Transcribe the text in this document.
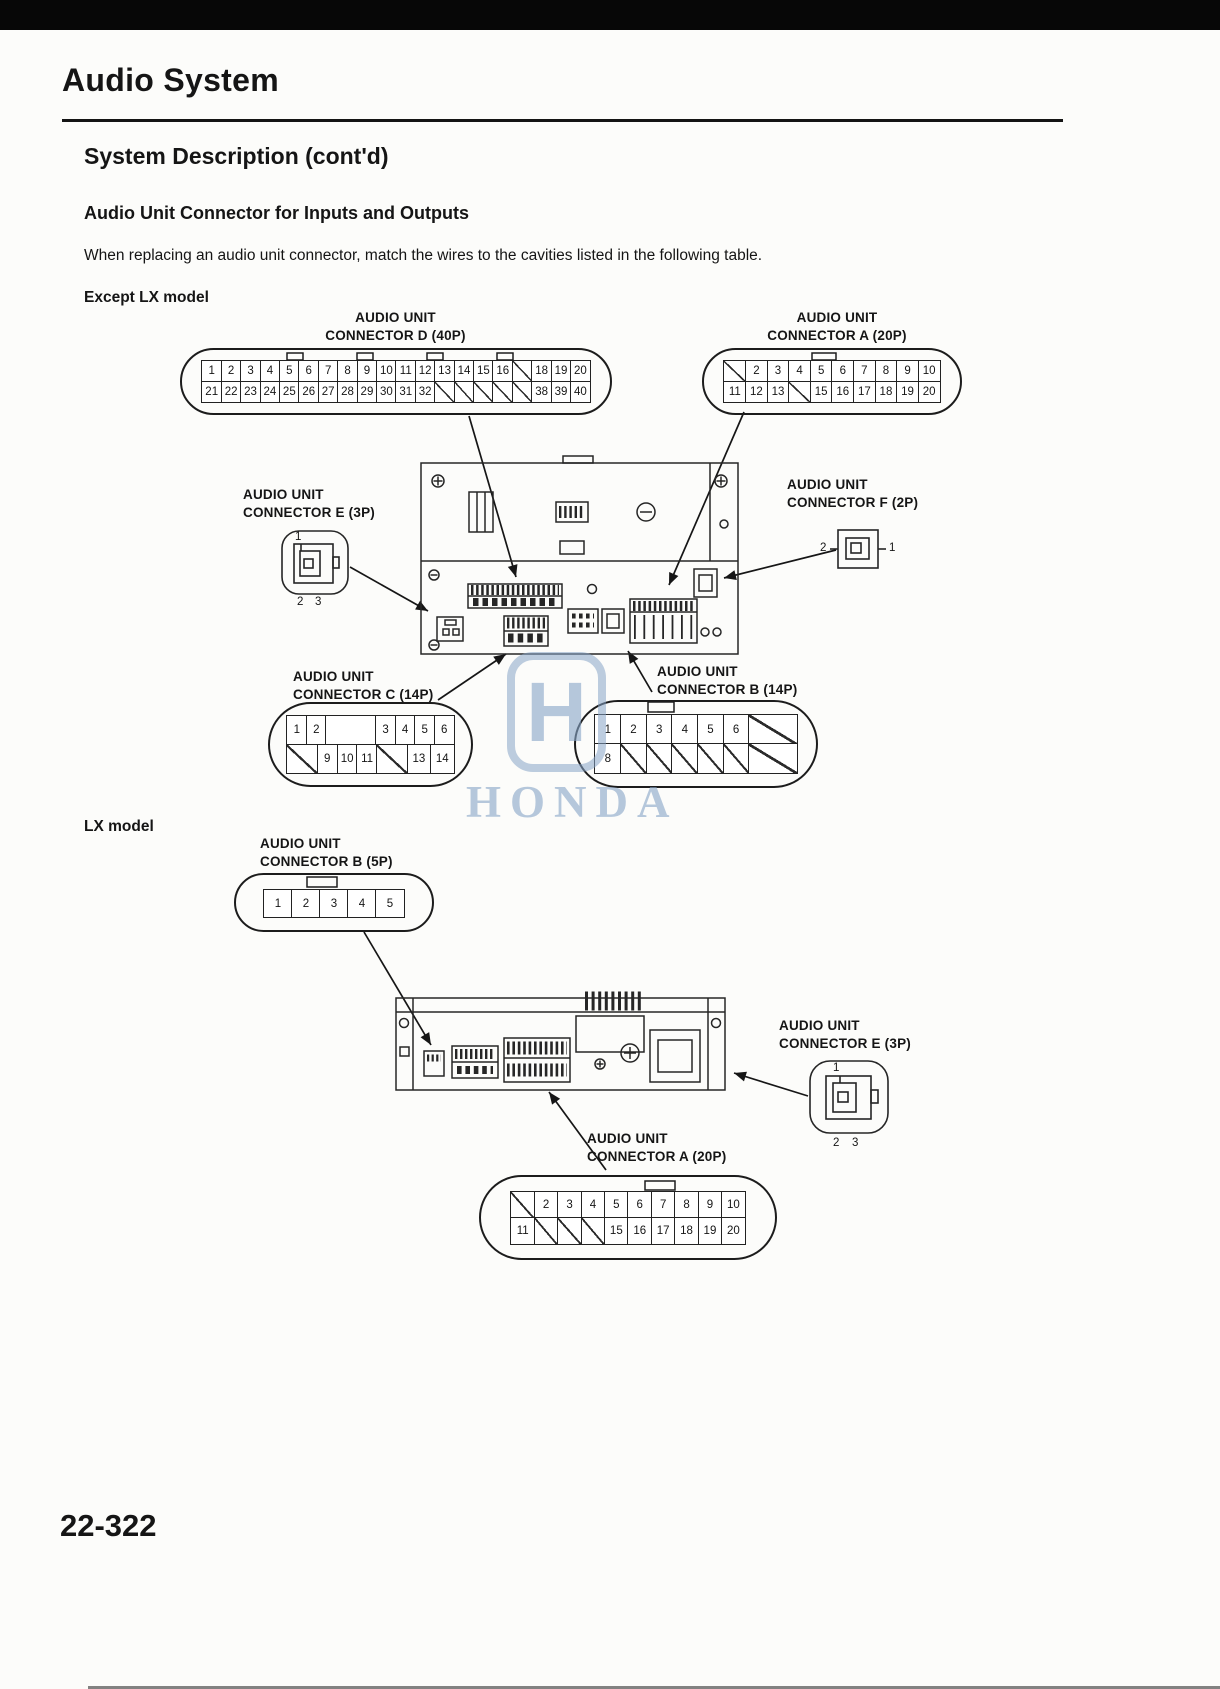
Audio System
System Description (cont'd)
Audio Unit Connector for Inputs and Outputs

When replacing an audio unit connector, match the wires to the cavities listed in the following table.

Except LX model
LX model
AUDIO UNIT
CONNECTOR D (40P)
1	2	3	4	5	6	7	8	9 10 11 12 13 14 15 16	18 19 20
21 22 23 24 25 26 27 28 29 30 31 32	38 39 40
AUDIO UNIT
CONNECTOR A (20P)
2	3	4	5	6	7	8	9	10
11 12 13	15 16 17 18 19 20
AUDIO UNIT
CONNECTOR E (3P)
1
2 3
AUDIO UNIT
CONNECTOR F (2P)
2	1
AUDIO UNIT
CONNECTOR C (14P)
1	2	3	4	5	6
9 10 11	13 14
AUDIO UNIT
CONNECTOR B (14P)
1	2	3	4	5	6
8
AUDIO UNIT
CONNECTOR B (5P)
1	2	3	4	5
AUDIO UNIT
CONNECTOR E (3P)
1
2 3
AUDIO UNIT
CONNECTOR A (20P)
2	3	4	5	6	7	8	9	10
11	15 16 17 18 19 20
H
HONDA
22-322
